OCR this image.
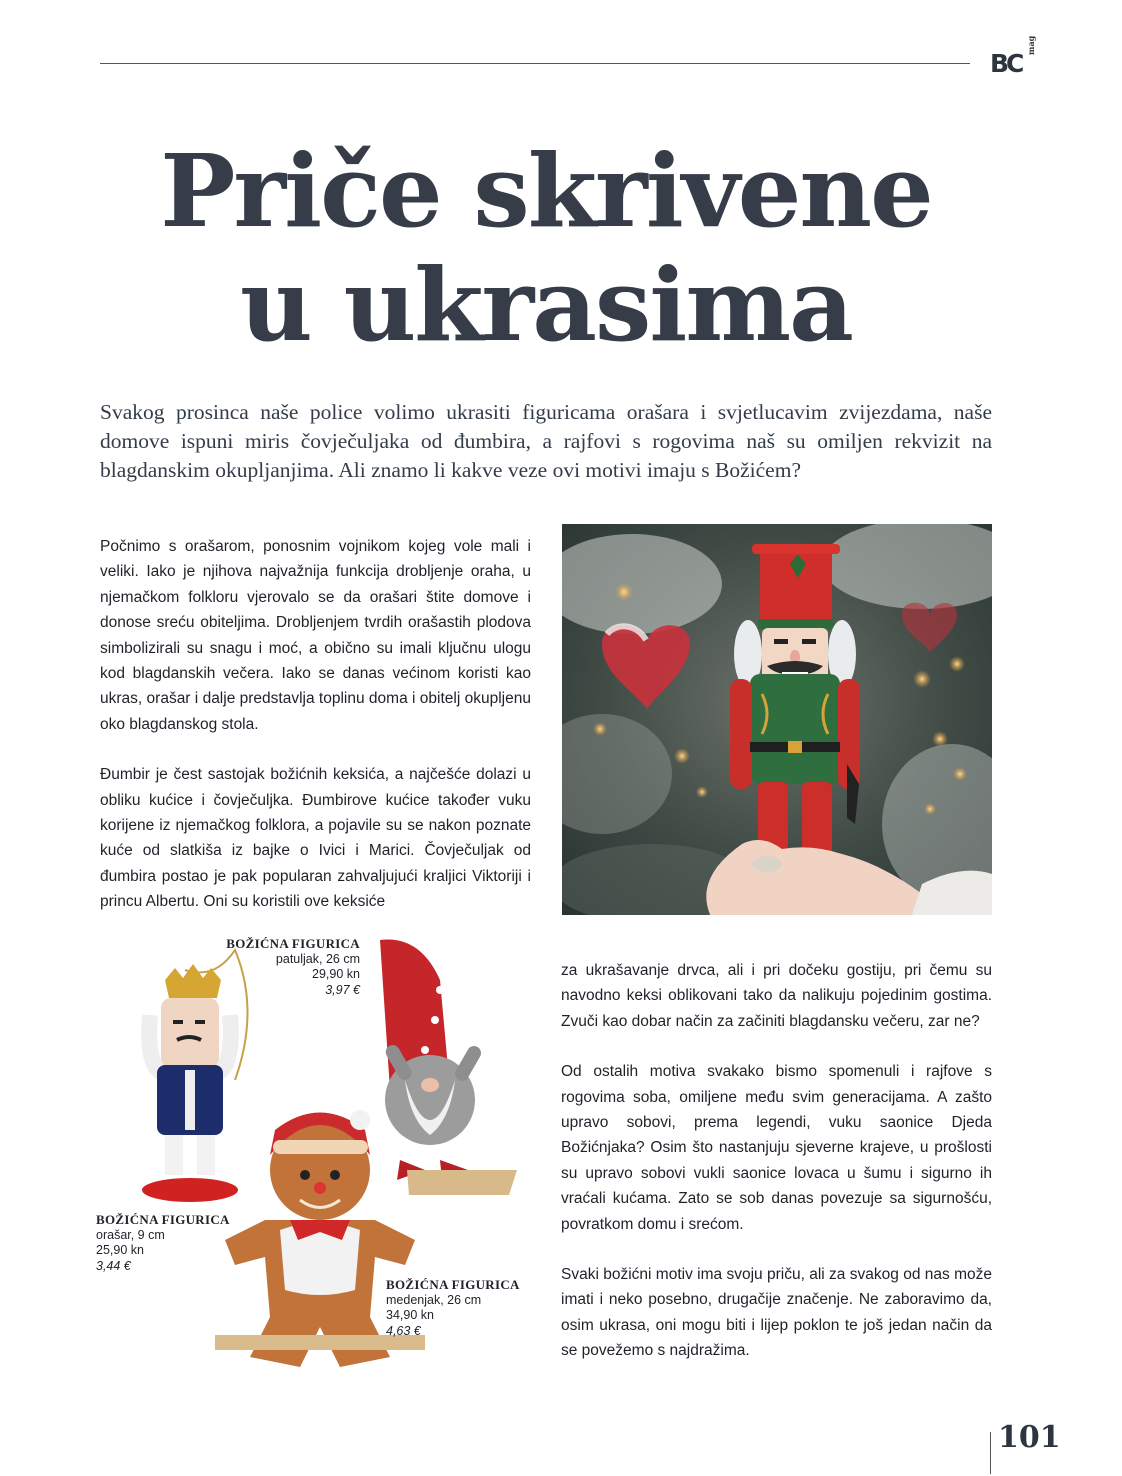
BC
mag
Priče skrivene
u ukrasima

Svakog prosinca naše police volimo ukrasiti figuricama orašara i svjetlucavim zvijezdama, naše domove ispuni miris čovječuljaka od đumbira, a rajfovi s rogovima naš su omiljen rekvizit na blagdanskim okupljanjima. Ali znamo li kakve veze ovi motivi imaju s Božićem?

Počnimo s orašarom, ponosnim vojnikom kojeg vole mali i veliki. Iako je njihova najvažnija funkcija drobljenje oraha, u njemačkom folkloru vjerovalo se da orašari štite domove i donose sreću obiteljima. Drobljenjem tvrdih orašastih plodova simbolizirali su snagu i moć, a obično su imali ključnu ulogu kod blagdanskih večera. Iako se danas većinom koristi kao ukras, orašar i dalje predstavlja toplinu doma i obitelj okupljenu oko blagdanskog stola.

Đumbir je čest sastojak božićnih keksića, a najčešće dolazi u obliku kućice i čovječuljka. Đumbirove kućice također vuku korijene iz njemačkog folklora, a pojavile su se nakon poznate kuće od slatkiša iz bajke o Ivici i Marici. Čovječuljak od đumbira postao je pak popularan zahvaljujući kraljici Viktoriji i princu Albertu. Oni su koristili ove keksiće

BOŽIĆNA FIGURICA
patuljak, 26 cm
29,90 kn
3,97 €
BOŽIĆNA FIGURICA
orašar, 9 cm
25,90 kn
3,44 €
BOŽIĆNA FIGURICA
medenjak, 26 cm
34,90 kn
4,63 €

za ukrašavanje drvca, ali i pri dočeku gostiju, pri čemu su navodno keksi oblikovani tako da nalikuju pojedinim gostima. Zvuči kao dobar način za začiniti blagdansku večeru, zar ne?

Od ostalih motiva svakako bismo spomenuli i rajfove s rogovima soba, omiljene među svim generacijama. A zašto upravo sobovi, prema legendi, vuku saonice Djeda Božićnjaka? Osim što nastanjuju sjeverne krajeve, u prošlosti su upravo sobovi vukli saonice lovaca u šumu i sigurno ih vraćali kućama. Zato se sob danas povezuje sa sigurnošću, povratkom domu i srećom.

Svaki božićni motiv ima svoju priču, ali za svakog od nas može imati i neko posebno, drugačije značenje. Ne zaboravimo da, osim ukrasa, oni mogu biti i lijep poklon te još jedan način da se povežemo s najdražima.

101
